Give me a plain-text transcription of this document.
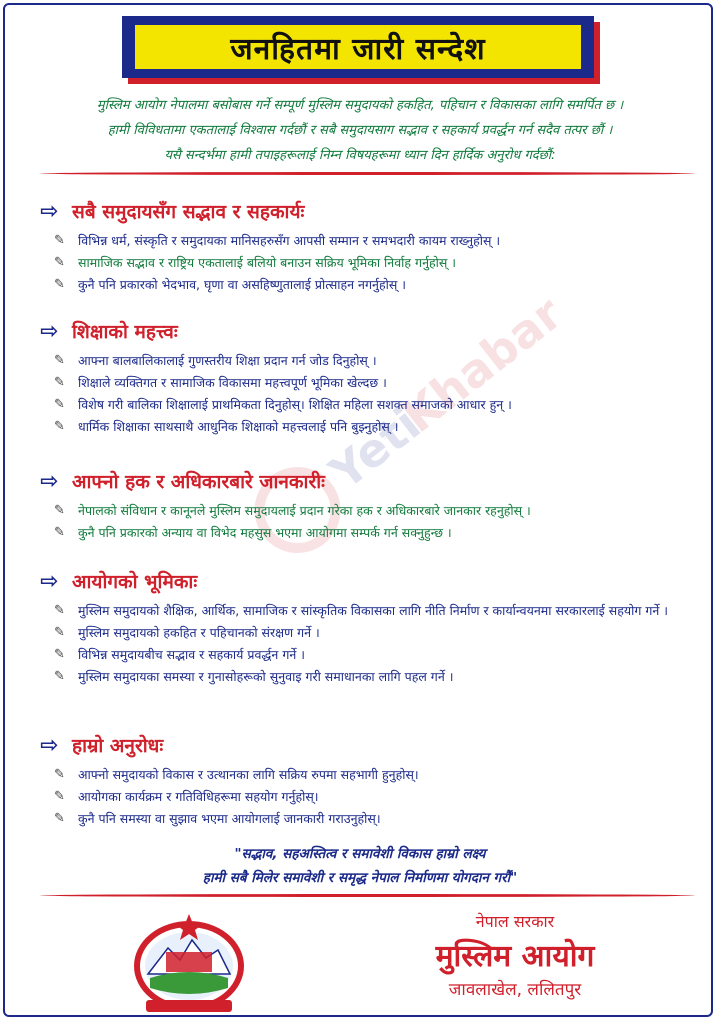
Yeti
Khabar
जनहितमा जारी सन्देश
मुस्लिम आयोग नेपालमा बसोबास गर्ने सम्पूर्ण मुस्लिम समुदायको हकहित, पहिचान र विकासका लागि समर्पित छ ।
हामी विविधतामा एकतालाई विश्वास गर्दछौं र सबै समुदायसाग सद्भाव र सहकार्य प्रवर्द्धन गर्न सदैव तत्पर छौं ।
यसै सन्दर्भमा हामी तपाइहरूलाई निम्न विषयहरूमा ध्यान दिन हार्दिक अनुरोध गर्दछौं:
⇨ सबै समुदायसँग सद्भाव र सहकार्यः
✎	विभिन्न धर्म, संस्कृति र समुदायका मानिसहरुसँग आपसी सम्मान र समभदारी कायम राख्नुहोस् ।
✎	सामाजिक सद्भाव र राष्ट्रिय एकतालाई बलियो बनाउन सक्रिय भूमिका निर्वाह गर्नुहोस् ।
✎	कुनै पनि प्रकारको भेदभाव, घृणा वा असहिष्णुतालाई प्रोत्साहन नगर्नुहोस् ।
⇨ शिक्षाको महत्त्वः
✎	आफ्ना बालबालिकालाई गुणस्तरीय शिक्षा प्रदान गर्न जोड दिनुहोस् ।
✎	शिक्षाले व्यक्तिगत र सामाजिक विकासमा महत्त्वपूर्ण भूमिका खेल्दछ ।
✎	विशेष गरी बालिका शिक्षालाई प्राथमिकता दिनुहोस्। शिक्षित महिला सशक्त समाजको आधार हुन् ।
✎	धार्मिक शिक्षाका साथसाथै आधुनिक शिक्षाको महत्त्वलाई पनि बुझ्नुहोस् ।
⇨ आफ्नो हक र अधिकारबारे जानकारीः
✎	नेपालको संविधान र कानूनले मुस्लिम समुदायलाई प्रदान गरेका हक र अधिकारबारे जानकार रहनुहोस् ।
✎	कुनै पनि प्रकारको अन्याय वा विभेद महसुस भएमा आयोगमा सम्पर्क गर्न सक्नुहुन्छ ।
⇨ आयोगको भूमिकाः
✎	मुस्लिम समुदायको शैक्षिक, आर्थिक, सामाजिक र सांस्कृतिक विकासका लागि नीति निर्माण र कार्यान्वयनमा सरकारलाई सहयोग गर्ने ।
✎	मुस्लिम समुदायको हकहित र पहिचानको संरक्षण गर्ने ।
✎	विभिन्न समुदायबीच सद्भाव र सहकार्य प्रवर्द्धन गर्ने ।
✎	मुस्लिम समुदायका समस्या र गुनासोहरूको सुनुवाइ गरी समाधानका लागि पहल गर्ने ।
⇨ हाम्रो अनुरोधः
✎	आफ्नो समुदायको विकास र उत्थानका लागि सक्रिय रुपमा सहभागी हुनुहोस्।
✎	आयोगका कार्यक्रम र गतिविधिहरूमा सहयोग गर्नुहोस्।
✎	कुनै पनि समस्या वा सुझाव भएमा आयोगलाई जानकारी गराउनुहोस्।
"सद्भाव, सहअस्तित्व र समावेशी विकास हाम्रो लक्ष्य
हामी सबै मिलेर समावेशी र समृद्ध नेपाल निर्माणमा योगदान गरौं"
नेपाल सरकार
मुस्लिम आयोग
जावलाखेल, ललितपुर
